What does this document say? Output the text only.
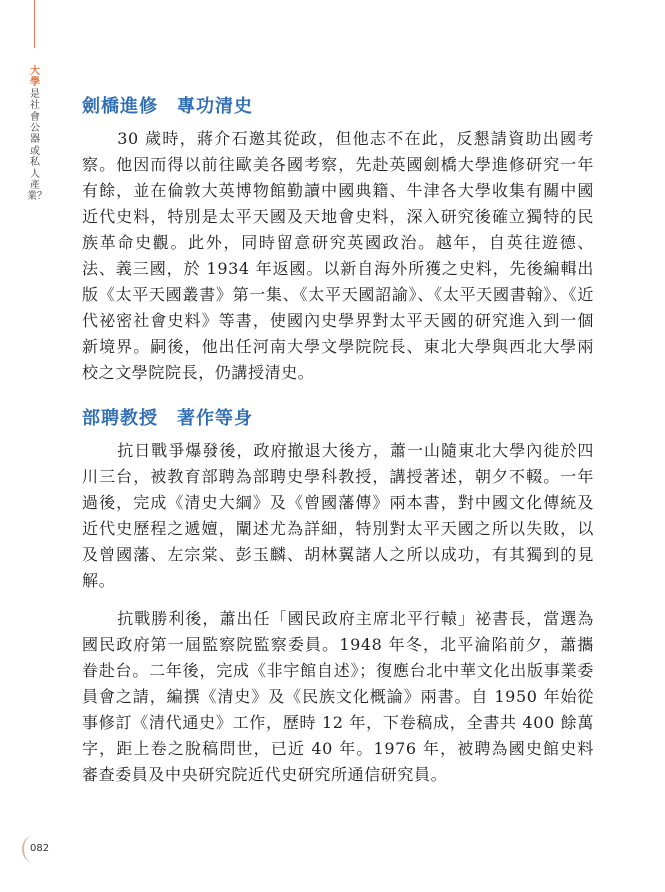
大學是社會公器或私人產業？
劍橋進修　專功清史

30 歲時，蔣介石邀其從政，但他志不在此，反懇請資助出國考察。他因而得以前往歐美各國考察，先赴英國劍橋大學進修研究一年有餘，並在倫敦大英博物館勤讀中國典籍、牛津各大學收集有關中國近代史料，特別是太平天國及天地會史料，深入研究後確立獨特的民族革命史觀。此外，同時留意研究英國政治。越年，自英往遊德、法、義三國，於 1934 年返國。以新自海外所獲之史料，先後編輯出版《太平天國叢書》第一集、《太平天國詔諭》、《太平天國書翰》、《近代祕密社會史料》等書，使國內史學界對太平天國的研究進入到一個新境界。嗣後，他出任河南大學文學院院長、東北大學與西北大學兩校之文學院院長，仍講授清史。

部聘教授　著作等身

抗日戰爭爆發後，政府撤退大後方，蕭一山隨東北大學內徙於四川三台，被教育部聘為部聘史學科教授，講授著述，朝夕不輟。一年過後，完成《清史大綱》及《曾國藩傳》兩本書，對中國文化傳統及近代史歷程之遞嬗，闡述尤為詳細，特別對太平天國之所以失敗，以及曾國藩、左宗棠、彭玉麟、胡林翼諸人之所以成功，有其獨到的見解。

抗戰勝利後，蕭出任「國民政府主席北平行轅」祕書長，當選為國民政府第一屆監察院監察委員。1948 年冬，北平淪陷前夕，蕭攜眷赴台。二年後，完成《非宇館自述》；復應台北中華文化出版事業委員會之請，編撰《清史》及《民族文化概論》兩書。自 1950 年始從事修訂《清代通史》工作，歷時 12 年，下卷稿成，全書共 400 餘萬字，距上卷之脫稿問世，已近 40 年。1976 年，被聘為國史館史料審查委員及中央研究院近代史研究所通信研究員。

082
